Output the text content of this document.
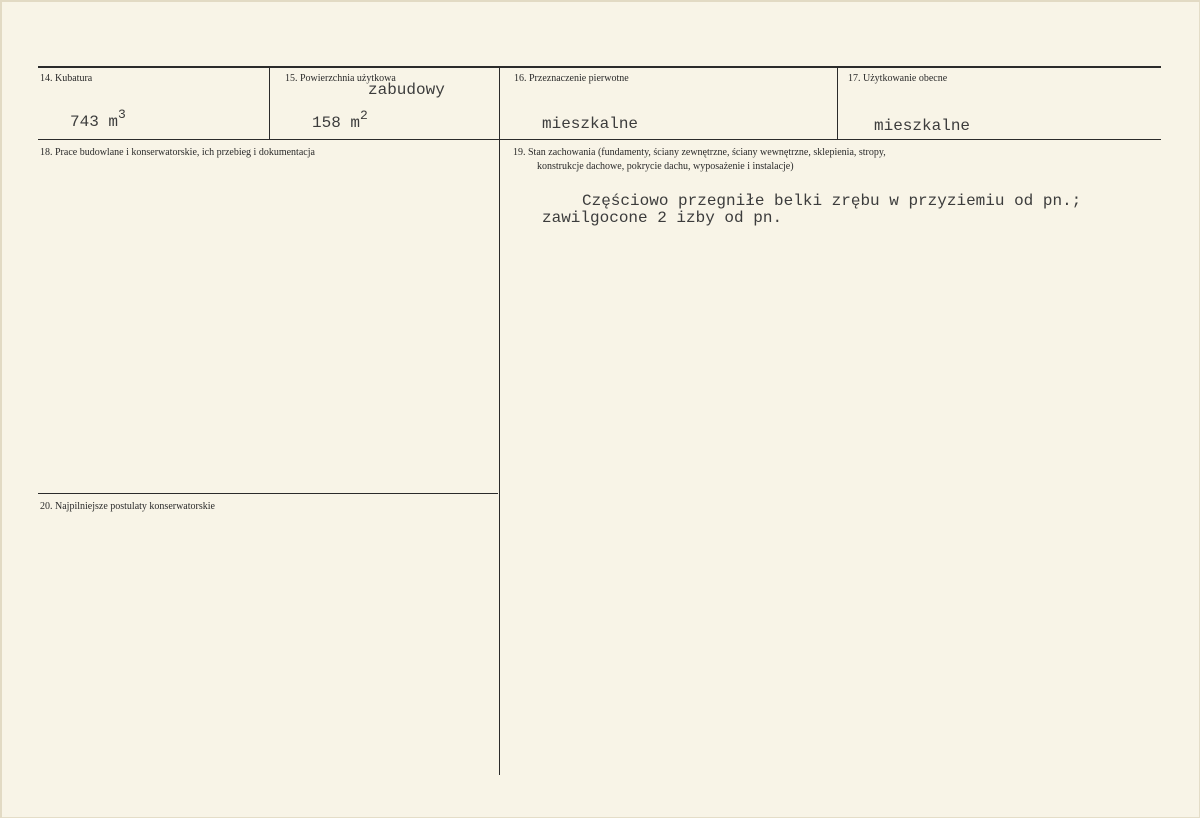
14. Kubatura
743 $m^3$
15. Powierzchnia użytkowa
zabudowy
158 $m^2$
16. Przeznaczenie pierwotne
mieszkalne
17. Użytkowanie obecne
mieszkalne
18. Prace budowlane i konserwatorskie, ich przebieg i dokumentacja	19. Stan zachowania (fundamenty, ściany zewnętrzne, ściany wewnętrzne, sklepienia, stropy,
konstrukcje dachowe, pokrycie dachu, wyposażenie i instalacje)
Częściowo przegniłe belki zrębu w przyziemiu od pn.;
zawilgocone 2 izby od pn.
20. Najpilniejsze postulaty konserwatorskie
